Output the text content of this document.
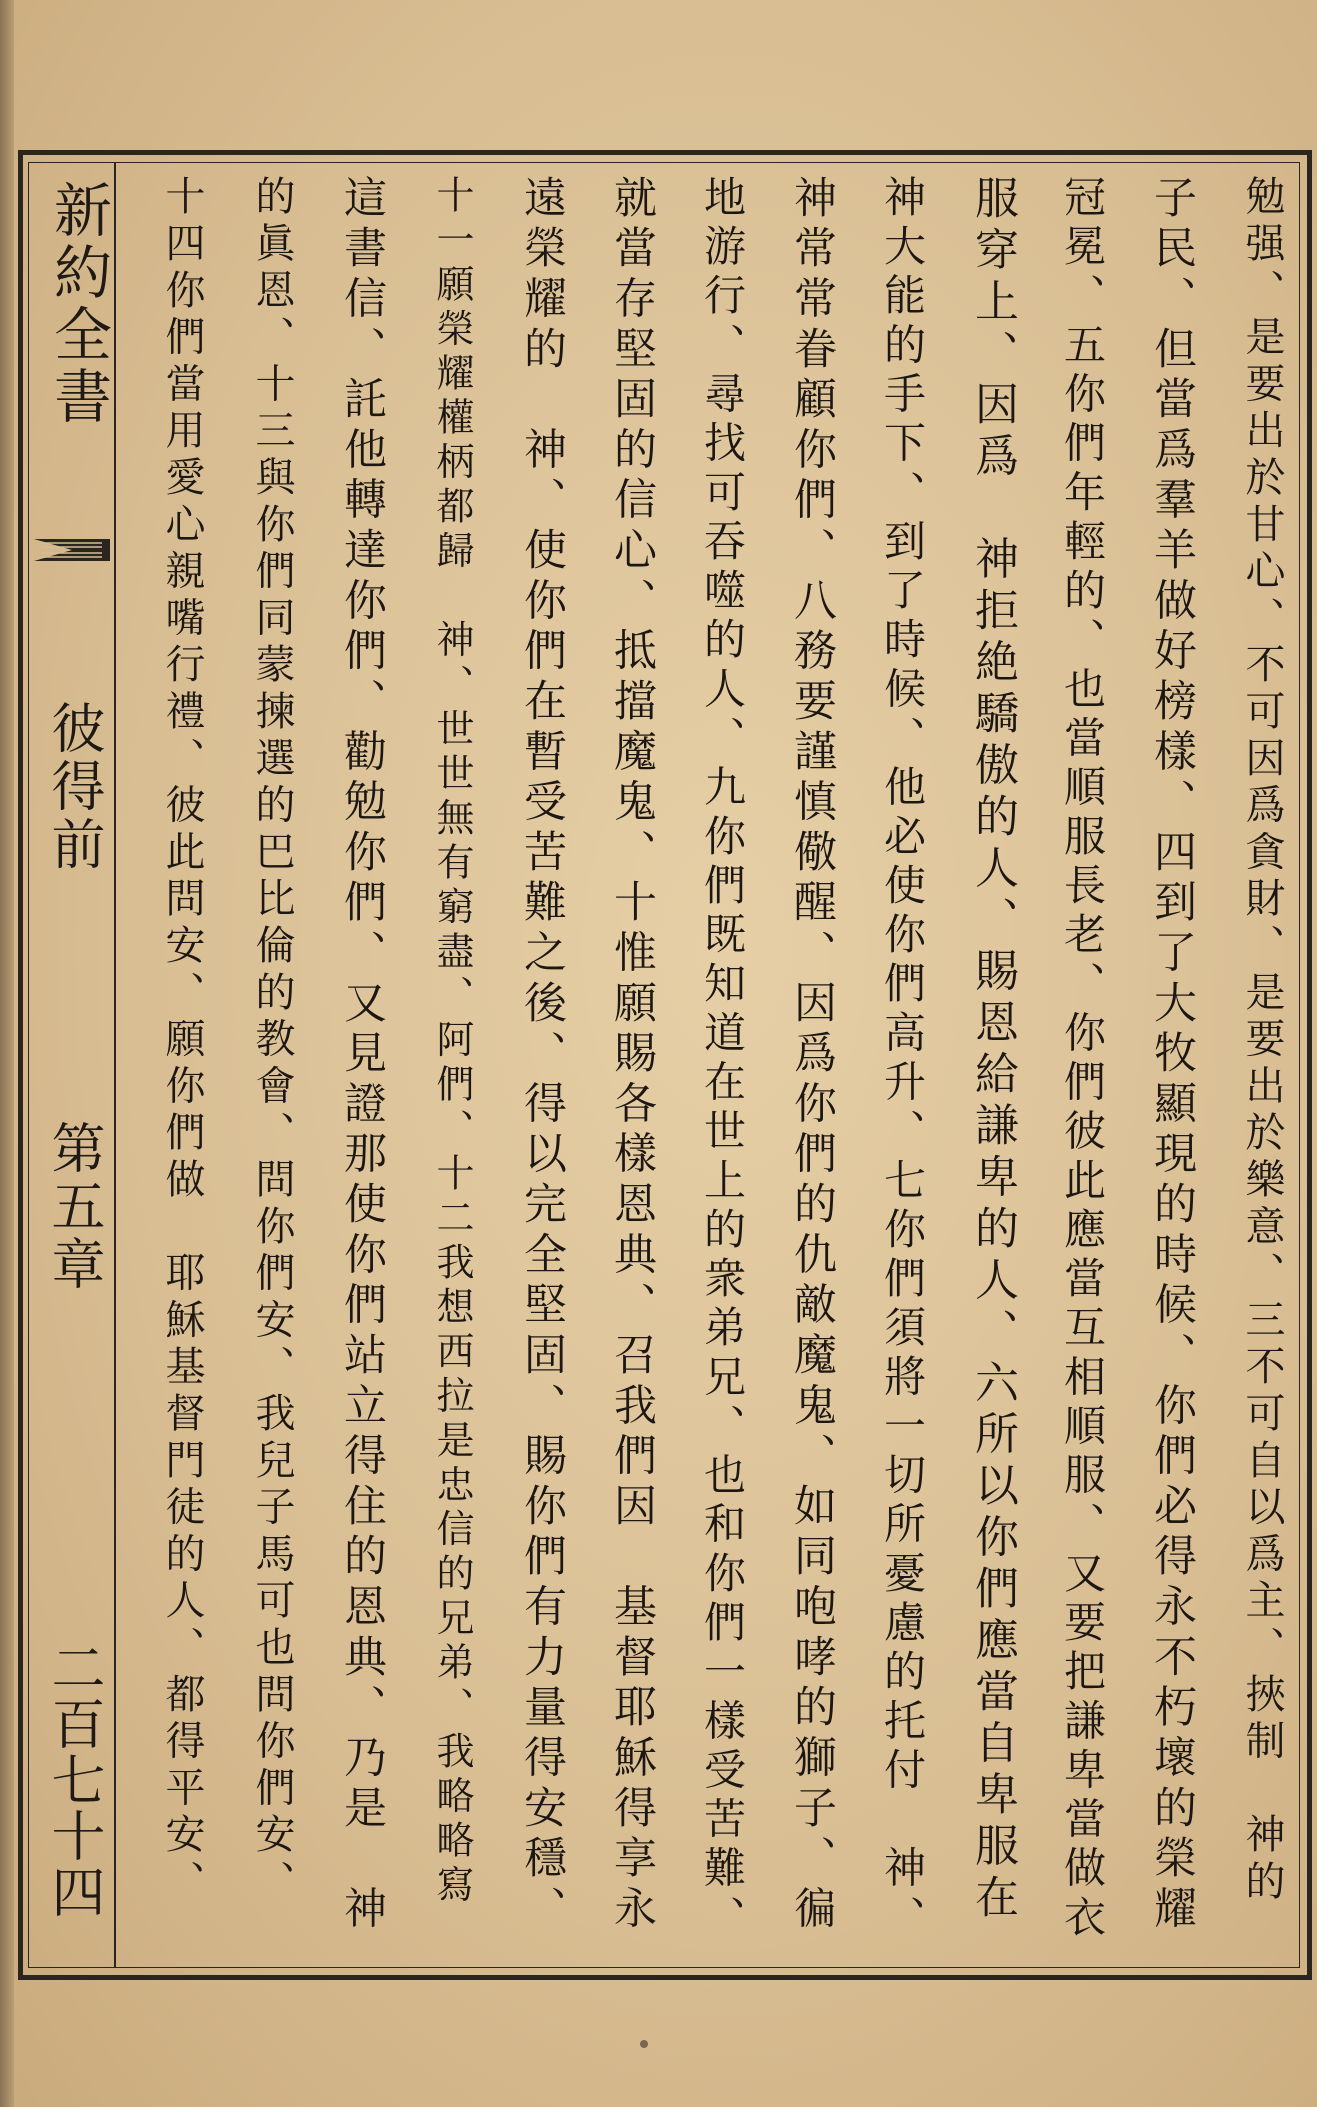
新約全書
彼得前
第五章
二百七十四	勉强、是要出於甘心、不可因爲貪財、是要出於樂意、三不可自以爲主、挾制　神的
子民、但當爲羣羊做好榜樣、四到了大牧顯現的時候、你們必得永不朽壞的榮耀
冠冕、五你們年輕的、也當順服長老、你們彼此應當互相順服、又要把謙卑當做衣
服穿上、因爲　神拒絶驕傲的人、賜恩給謙卑的人、六所以你們應當自卑服在
神大能的手下、到了時候、他必使你們高升、七你們須將一切所憂慮的托付　神、
神常常眷顧你們、八務要謹慎儆醒、因爲你們的仇敵魔鬼、如同咆哮的獅子、徧
地游行、尋找可吞噬的人、九你們既知道在世上的衆弟兄、也和你們一樣受苦難、
就當存堅固的信心、抵擋魔鬼、十惟願賜各樣恩典、召我們因　基督耶穌得享永
遠榮耀的　神、使你們在暫受苦難之後、得以完全堅固、賜你們有力量得安穩、
十一願榮耀權柄都歸　神、世世無有窮盡、阿們、十二我想西拉是忠信的兄弟、我略略寫
這書信、託他轉達你們、勸勉你們、又見證那使你們站立得住的恩典、乃是　神
的眞恩、十三與你們同蒙揀選的巴比倫的教會、問你們安、我兒子馬可也問你們安、
十四你們當用愛心親嘴行禮、彼此問安、願你們做　耶穌基督門徒的人、都得平安、
